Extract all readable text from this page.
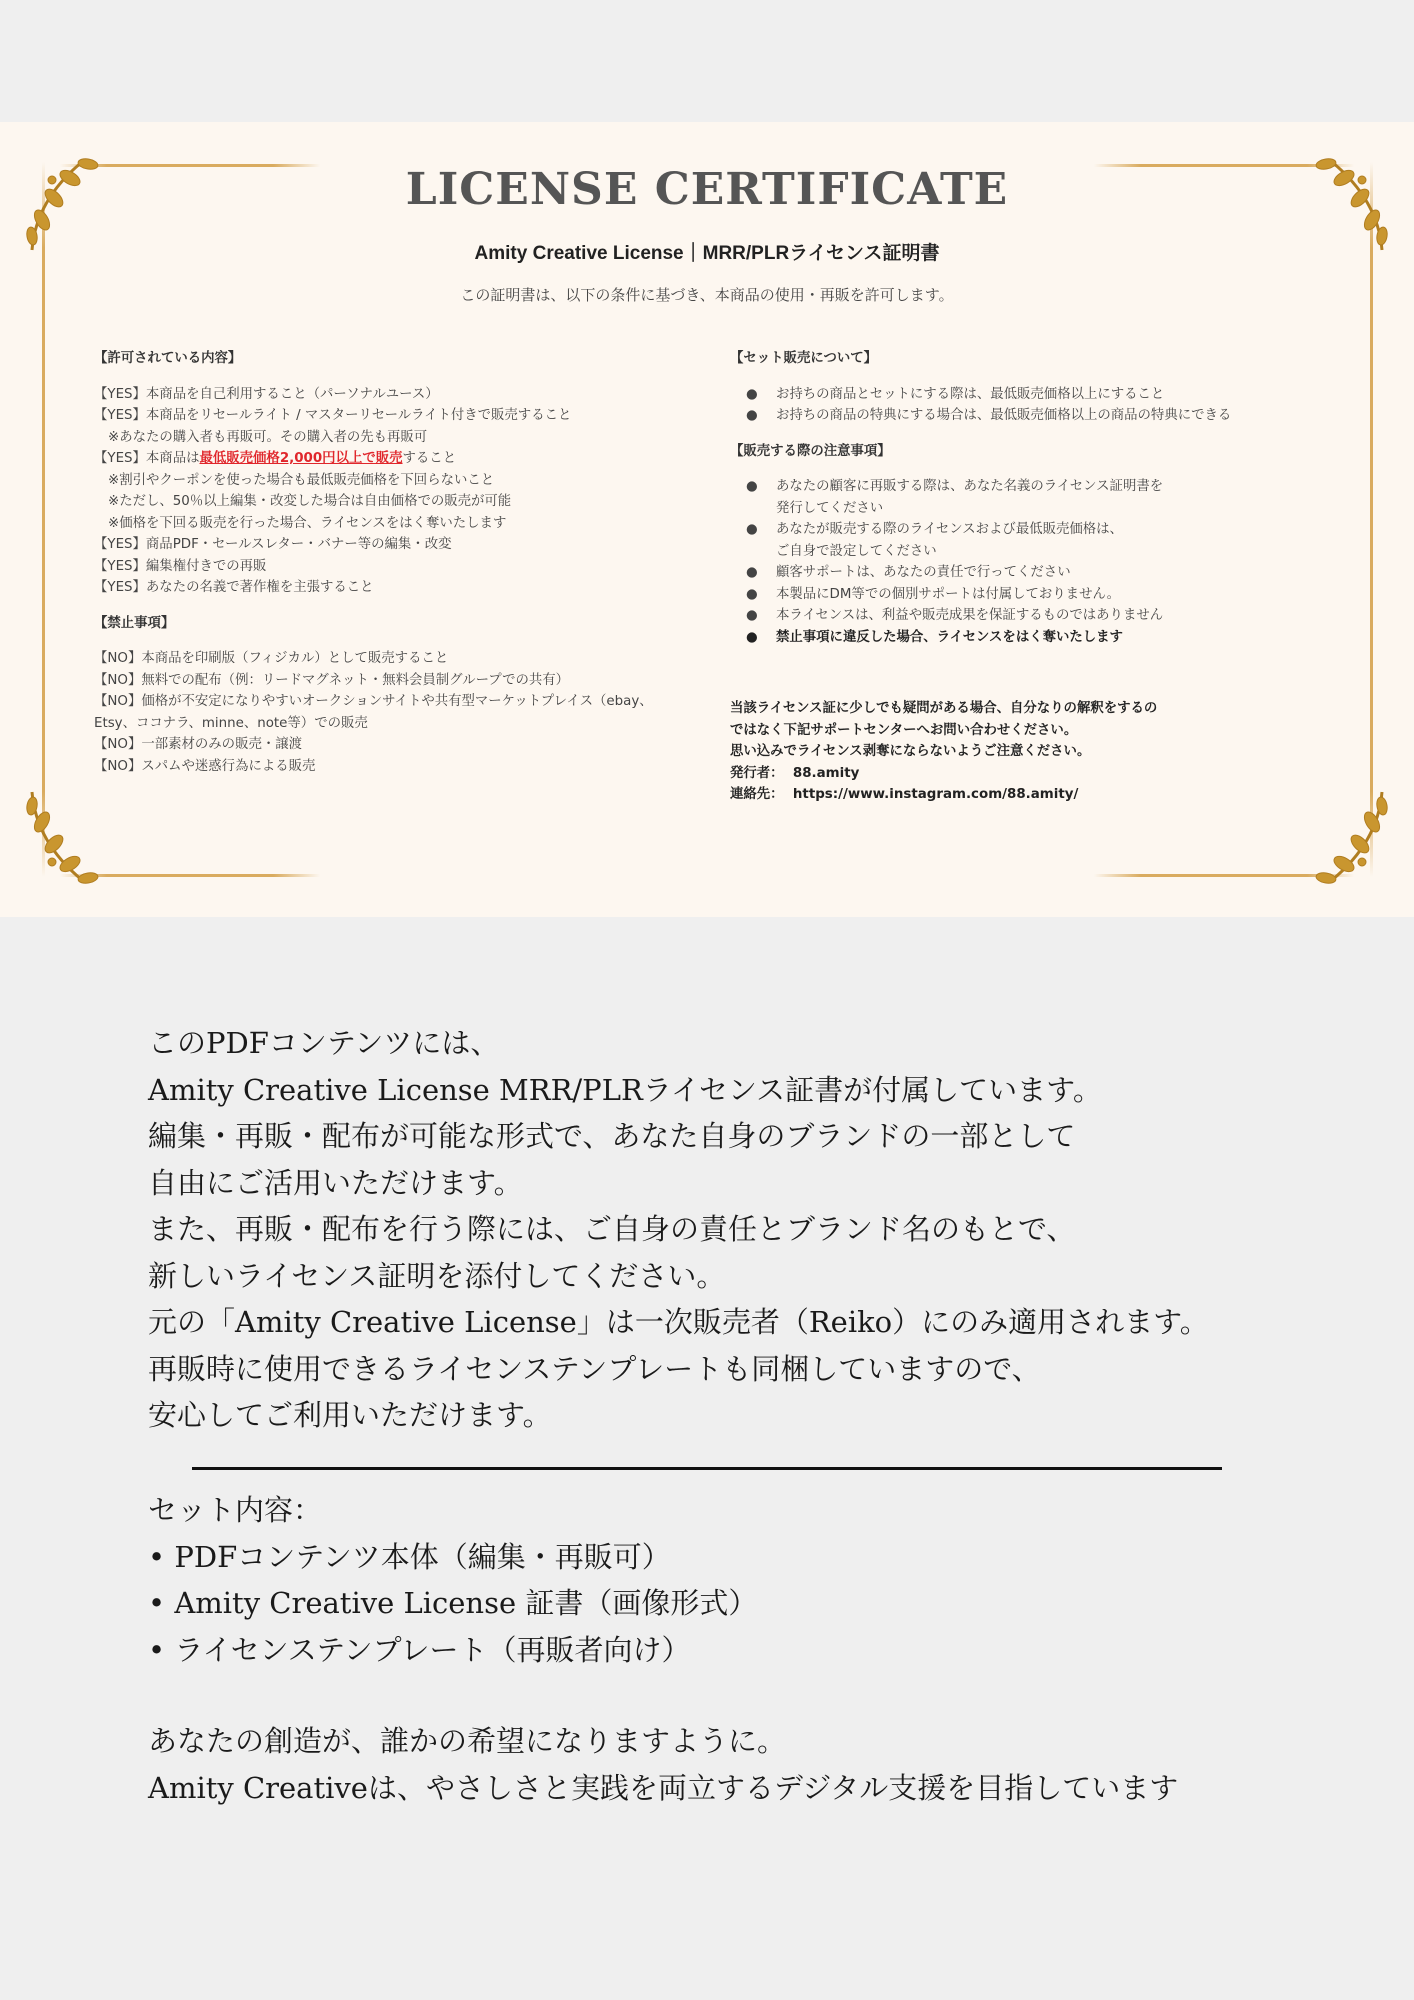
LICENSE CERTIFICATE
Amity Creative License｜MRR/PLRライセンス証明書
この証明書は、以下の条件に基づき、本商品の使用・再販を許可します。
【許可されている内容】
【YES】本商品を自己利用すること（パーソナルユース）
【YES】本商品をリセールライト / マスターリセールライト付きで販売すること
※あなたの購入者も再販可。その購入者の先も再販可
【YES】本商品は最低販売価格2,000円以上で販売すること
※割引やクーポンを使った場合も最低販売価格を下回らないこと
※ただし、50％以上編集・改変した場合は自由価格での販売が可能
※価格を下回る販売を行った場合、ライセンスをはく奪いたします
【YES】商品PDF・セールスレター・バナー等の編集・改変
【YES】編集権付きでの再販
【YES】あなたの名義で著作権を主張すること
【禁止事項】
【NO】本商品を印刷版（フィジカル）として販売すること
【NO】無料での配布（例：リードマグネット・無料会員制グループでの共有）
【NO】価格が不安定になりやすいオークションサイトや共有型マーケットプレイス（ebay、
Etsy、ココナラ、minne、note等）での販売
【NO】一部素材のみの販売・譲渡
【NO】スパムや迷惑行為による販売
【セット販売について】
● お持ちの商品とセットにする際は、最低販売価格以上にすること
● お持ちの商品の特典にする場合は、最低販売価格以上の商品の特典にできる
【販売する際の注意事項】
● あなたの顧客に再販する際は、あなた名義のライセンス証明書を
発行してください
● あなたが販売する際のライセンスおよび最低販売価格は、
ご自身で設定してください
● 顧客サポートは、あなたの責任で行ってください
● 本製品にDM等での個別サポートは付属しておりません。
● 本ライセンスは、利益や販売成果を保証するものではありません
● 禁止事項に違反した場合、ライセンスをはく奪いたします
当該ライセンス証に少しでも疑問がある場合、自分なりの解釈をするの
ではなく下記サポートセンターへお問い合わせください。
思い込みでライセンス剥奪にならないようご注意ください。
発行者： 88.amity
連絡先： https://www.instagram.com/88.amity/
このPDFコンテンツには、
Amity Creative License MRR/PLRライセンス証書が付属しています。
編集・再販・配布が可能な形式で、あなた自身のブランドの一部として
自由にご活用いただけます。
また、再販・配布を行う際には、ご自身の責任とブランド名のもとで、
新しいライセンス証明を添付してください。
元の「Amity Creative License」は一次販売者（Reiko）にのみ適用されます。
再販時に使用できるライセンステンプレートも同梱していますので、
安心してご利用いただけます。
セット内容：
• PDFコンテンツ本体（編集・再販可）
• Amity Creative License 証書（画像形式）
• ライセンステンプレート（再販者向け）
あなたの創造が、誰かの希望になりますように。
Amity Creativeは、やさしさと実践を両立するデジタル支援を目指しています
